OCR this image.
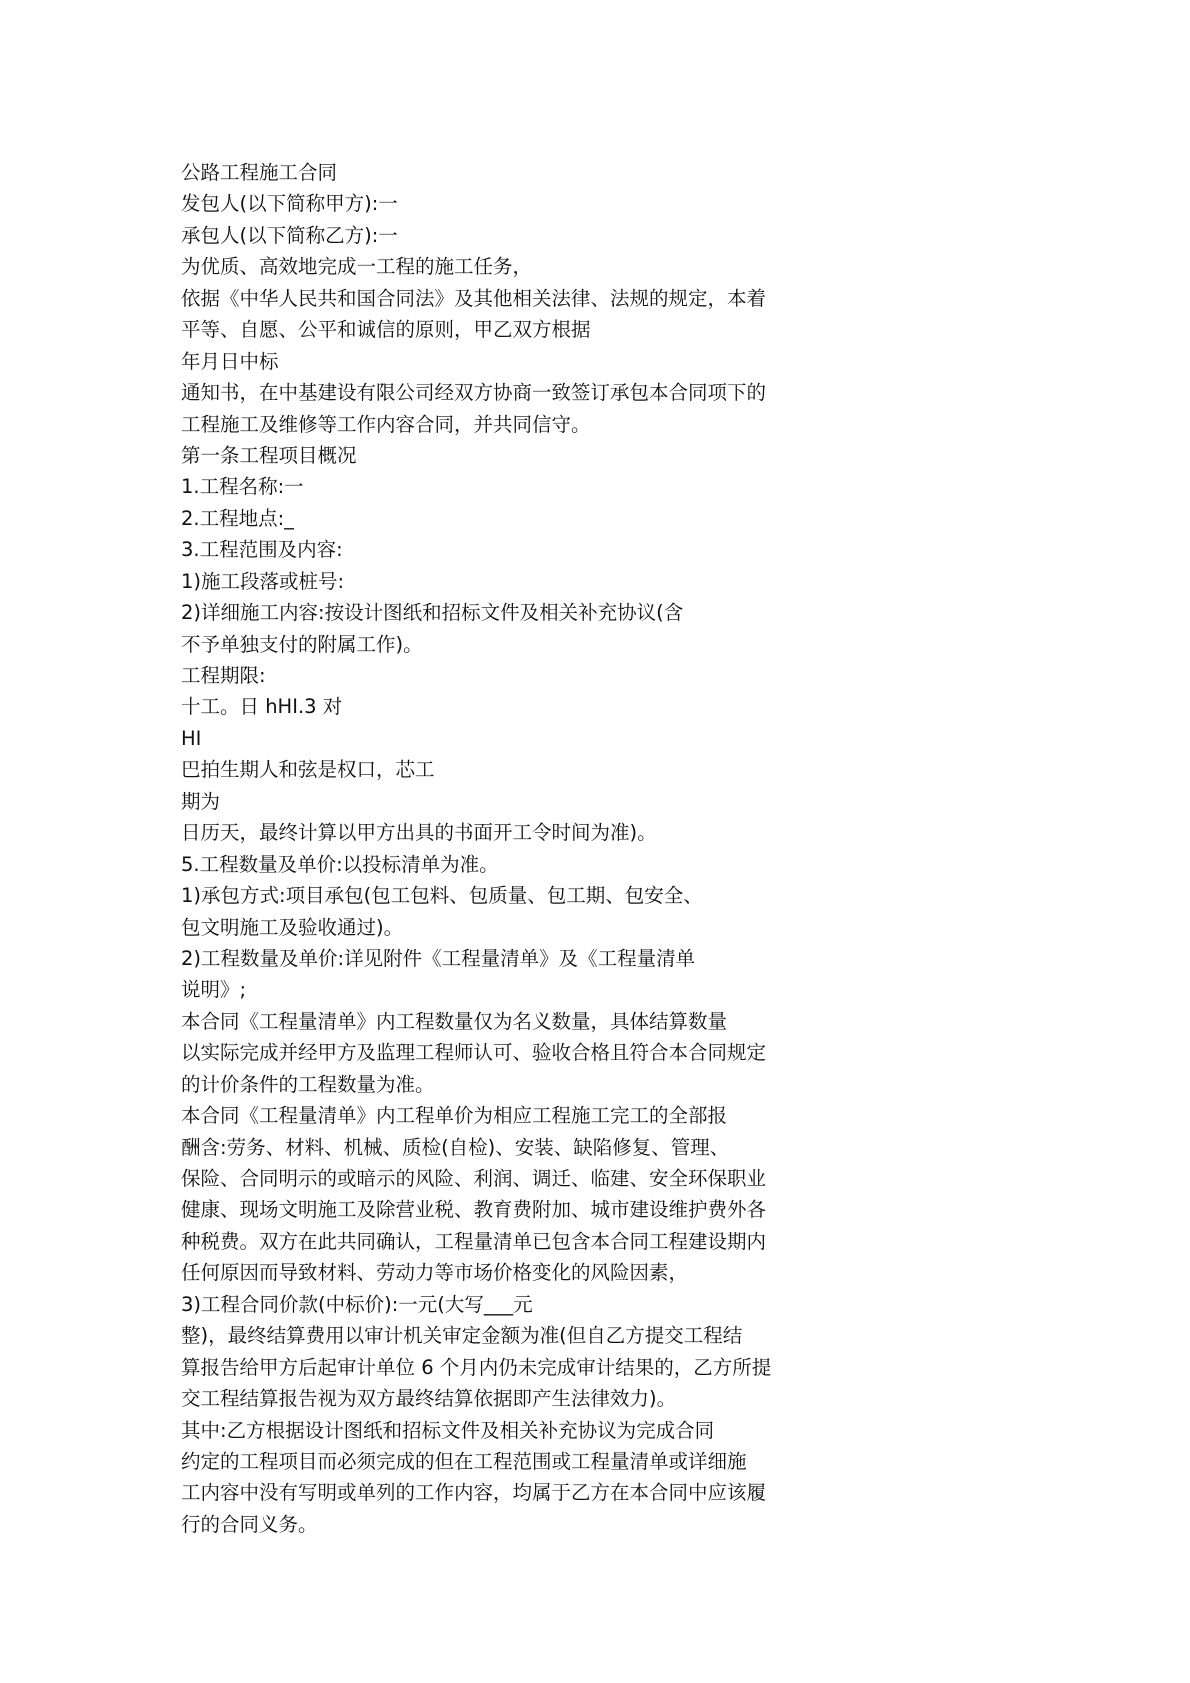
公路工程施工合同
发包人(以下简称甲方):一
承包人(以下简称乙方):一
为优质、高效地完成一工程的施工任务，
依据《中华人民共和国合同法》及其他相关法律、法规的规定，本着
平等、自愿、公平和诚信的原则，甲乙双方根据
年月日中标
通知书，在中基建设有限公司经双方协商一致签订承包本合同项下的
工程施工及维修等工作内容合同，并共同信守。
第一条工程项目概况
1.工程名称:一
2.工程地点:_
3.工程范围及内容:
1)施工段落或桩号:
2)详细施工内容:按设计图纸和招标文件及相关补充协议(含
不予单独支付的附属工作)。
工程期限:
十工。日 hHI.3 对
HI
巴拍生期人和弦是权口，芯工
期为
日历天，最终计算以甲方出具的书面开工令时间为准)。
5.工程数量及单价:以投标清单为准。
1)承包方式:项目承包(包工包料、包质量、包工期、包安全、
包文明施工及验收通过)。
2)工程数量及单价:详见附件《工程量清单》及《工程量清单
说明》;
本合同《工程量清单》内工程数量仅为名义数量，具体结算数量
以实际完成并经甲方及监理工程师认可、验收合格且符合本合同规定
的计价条件的工程数量为准。
本合同《工程量清单》内工程单价为相应工程施工完工的全部报
酬含:劳务、材料、机械、质检(自检)、安装、缺陷修复、管理、
保险、合同明示的或暗示的风险、利润、调迁、临建、安全环保职业
健康、现场文明施工及除营业税、教育费附加、城市建设维护费外各
种税费。双方在此共同确认，工程量清单已包含本合同工程建设期内
任何原因而导致材料、劳动力等市场价格变化的风险因素，
3)工程合同价款(中标价):一元(大写___元
整)，最终结算费用以审计机关审定金额为准(但自乙方提交工程结
算报告给甲方后起审计单位 6 个月内仍未完成审计结果的，乙方所提
交工程结算报告视为双方最终结算依据即产生法律效力)。
其中:乙方根据设计图纸和招标文件及相关补充协议为完成合同
约定的工程项目而必须完成的但在工程范围或工程量清单或详细施
工内容中没有写明或单列的工作内容，均属于乙方在本合同中应该履
行的合同义务。
